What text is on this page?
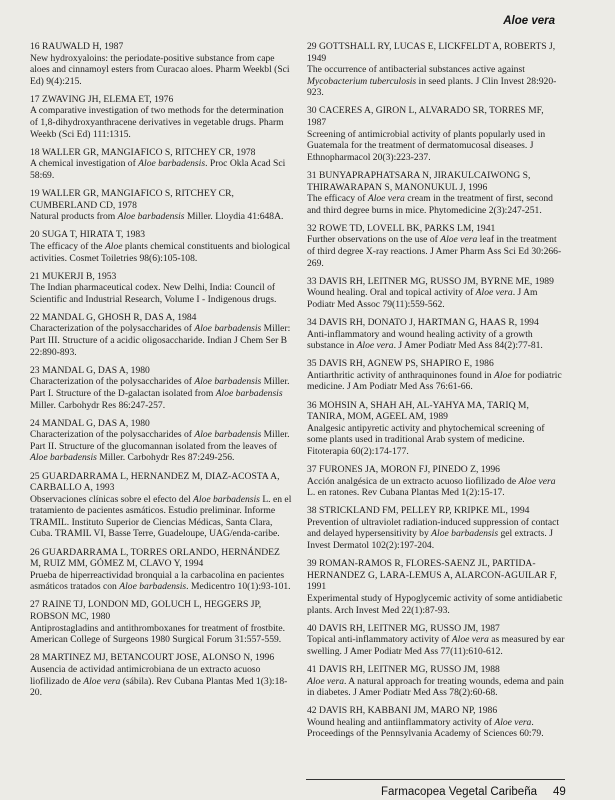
Aloe vera
16 RAUWALD H, 1987
New hydroxyaloins: the periodate-positive substance from cape aloes and cinnamoyl esters from Curacao aloes. Pharm Weekbl (Sci Ed) 9(4):215.
17 ZWAVING JH, ELEMA ET, 1976
A comparative investigation of two methods for the determination of 1,8-dihydroxyanthracene derivatives in vegetable drugs. Pharm Weekb (Sci Ed) 111:1315.
18 WALLER GR, MANGIAFICO S, RITCHEY CR, 1978
A chemical investigation of Aloe barbadensis. Proc Okla Acad Sci 58:69.
19 WALLER GR, MANGIAFICO S, RITCHEY CR, CUMBERLAND CD, 1978
Natural products from Aloe barbadensis Miller. Lloydia 41:648A.
20 SUGA T, HIRATA T, 1983
The efficacy of the Aloe plants chemical constituents and biological activities. Cosmet Toiletries 98(6):105-108.
21 MUKERJI B, 1953
The Indian pharmaceutical codex. New Delhi, India: Council of Scientific and Industrial Research, Volume I - Indigenous drugs.
22 MANDAL G, GHOSH R, DAS A, 1984
Characterization of the polysaccharides of Aloe barbadensis Miller: Part III. Structure of a acidic oligosaccharide. Indian J Chem Ser B 22:890-893.
23 MANDAL G, DAS A, 1980
Characterization of the polysaccharides of Aloe barbadensis Miller. Part I. Structure of the D-galactan isolated from Aloe barbadensis Miller. Carbohydr Res 86:247-257.
24 MANDAL G, DAS A, 1980
Characterization of the polysaccharides of Aloe barbadensis Miller. Part II. Structure of the glucomannan isolated from the leaves of Aloe barbadensis Miller. Carbohydr Res 87:249-256.
25 GUARDARRAMA L, HERNANDEZ M, DIAZ-ACOSTA A, CARBALLO A, 1993
Observaciones clínicas sobre el efecto del Aloe barbadensis L. en el tratamiento de pacientes asmáticos. Estudio preliminar. Informe TRAMIL. Instituto Superior de Ciencias Médicas, Santa Clara, Cuba. TRAMIL VI, Basse Terre, Guadeloupe, UAG/enda-caribe.
26 GUARDARRAMA L, TORRES ORLANDO, HERNÁNDEZ M, RUIZ MM, GÓMEZ M, CLAVO Y, 1994
Prueba de hiperreactividad bronquial a la carbacolina en pacientes asmáticos tratados con Aloe barbadensis. Medicentro 10(1):93-101.
27 RAINE TJ, LONDON MD, GOLUCH L, HEGGERS JP, ROBSON MC, 1980
Antiprostagladins and antithromboxanes for treatment of frostbite. American College of Surgeons 1980 Surgical Forum 31:557-559.
28 MARTINEZ MJ, BETANCOURT JOSE, ALONSO N, 1996
Ausencia de actividad antimicrobiana de un extracto acuoso liofilizado de Aloe vera (sábila). Rev Cubana Plantas Med 1(3):18-20.
29 GOTTSHALL RY, LUCAS E, LICKFELDT A, ROBERTS J, 1949
The occurrence of antibacterial substances active against Mycobacterium tuberculosis in seed plants. J Clin Invest 28:920-923.
30 CACERES A, GIRON L, ALVARADO SR, TORRES MF, 1987
Screening of antimicrobial activity of plants popularly used in Guatemala for the treatment of dermatomucosal diseases. J Ethnopharmacol 20(3):223-237.
31 BUNYAPRAPHATSARA N, JIRAKULCAIWONG S, THIRAWARAPAN S, MANONUKUL J, 1996
The efficacy of Aloe vera cream in the treatment of first, second and third degree burns in mice. Phytomedicine 2(3):247-251.
32 ROWE TD, LOVELL BK, PARKS LM, 1941
Further observations on the use of Aloe vera leaf in the treatment of third degree X-ray reactions. J Amer Pharm Ass Sci Ed 30:266-269.
33 DAVIS RH, LEITNER MG, RUSSO JM, BYRNE ME, 1989
Wound healing. Oral and topical activity of Aloe vera. J Am Podiatr Med Assoc 79(11):559-562.
34 DAVIS RH, DONATO J, HARTMAN G, HAAS R, 1994
Anti-inflammatory and wound healing activity of a growth substance in Aloe vera. J Amer Podiatr Med Ass 84(2):77-81.
35 DAVIS RH, AGNEW PS, SHAPIRO E, 1986
Antiarthritic activity of anthraquinones found in Aloe for podiatric medicine. J Am Podiatr Med Ass 76:61-66.
36 MOHSIN A, SHAH AH, AL-YAHYA MA, TARIQ M, TANIRA, MOM, AGEEL AM, 1989
Analgesic antipyretic activity and phytochemical screening of some plants used in traditional Arab system of medicine. Fitoterapia 60(2):174-177.
37 FURONES JA, MORON FJ, PINEDO Z, 1996
Acción analgésica de un extracto acuoso liofilizado de Aloe vera L. en ratones. Rev Cubana Plantas Med 1(2):15-17.
38 STRICKLAND FM, PELLEY RP, KRIPKE ML, 1994
Prevention of ultraviolet radiation-induced suppression of contact and delayed hypersensitivity by Aloe barbadensis gel extracts. J Invest Dermatol 102(2):197-204.
39 ROMAN-RAMOS R, FLORES-SAENZ JL, PARTIDA-HERNANDEZ G, LARA-LEMUS A, ALARCON-AGUILAR F, 1991
Experimental study of Hypoglycemic activity of some antidiabetic plants. Arch Invest Med 22(1):87-93.
40 DAVIS RH, LEITNER MG, RUSSO JM, 1987
Topical anti-inflammatory activity of Aloe vera as measured by ear swelling. J Amer Podiatr Med Ass 77(11):610-612.
41 DAVIS RH, LEITNER MG, RUSSO JM, 1988
Aloe vera. A natural approach for treating wounds, edema and pain in diabetes. J Amer Podiatr Med Ass 78(2):60-68.
42 DAVIS RH, KABBANI JM, MARO NP, 1986
Wound healing and antiinflammatory activity of Aloe vera. Proceedings of the Pennsylvania Academy of Sciences 60:79.
Farmacopea Vegetal Caribeña 49
